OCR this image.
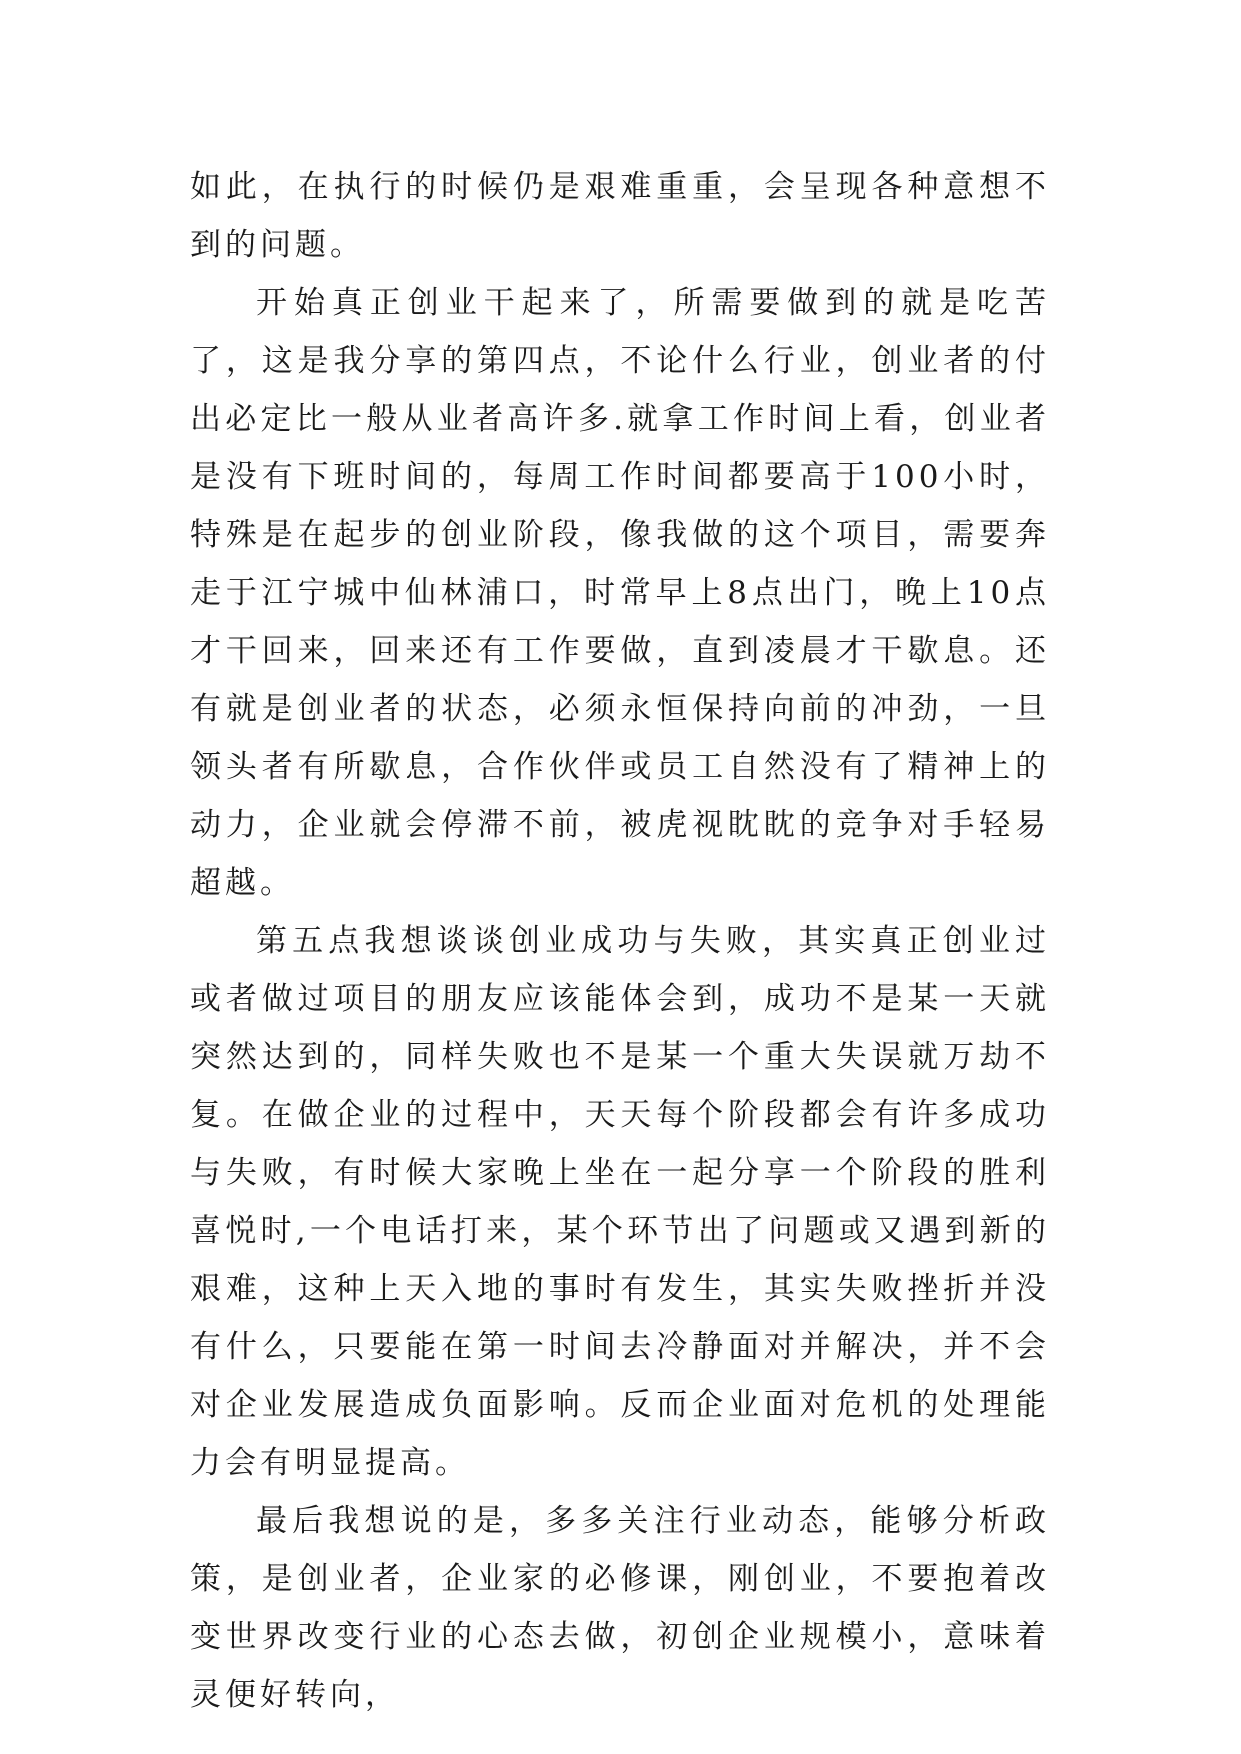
如此，在执行的时候仍是艰难重重，会呈现各种意想不到的问题。

开始真正创业干起来了，所需要做到的就是吃苦了，这是我分享的第四点，不论什么行业，创业者的付出必定比一般从业者高许多.就拿工作时间上看，创业者是没有下班时间的，每周工作时间都要高于100小时，特殊是在起步的创业阶段，像我做的这个项目，需要奔走于江宁城中仙林浦口，时常早上8点出门，晚上10点才干回来，回来还有工作要做，直到凌晨才干歇息。还有就是创业者的状态，必须永恒保持向前的冲劲，一旦领头者有所歇息，合作伙伴或员工自然没有了精神上的动力，企业就会停滞不前，被虎视眈眈的竞争对手轻易超越。

第五点我想谈谈创业成功与失败，其实真正创业过或者做过项目的朋友应该能体会到，成功不是某一天就突然达到的，同样失败也不是某一个重大失误就万劫不复。在做企业的过程中，天天每个阶段都会有许多成功与失败，有时候大家晚上坐在一起分享一个阶段的胜利喜悦时,一个电话打来，某个环节出了问题或又遇到新的艰难，这种上天入地的事时有发生，其实失败挫折并没有什么，只要能在第一时间去冷静面对并解决，并不会对企业发展造成负面影响。反而企业面对危机的处理能力会有明显提高。

最后我想说的是，多多关注行业动态，能够分析政策，是创业者，企业家的必修课，刚创业，不要抱着改变世界改变行业的心态去做，初创企业规模小，意味着灵便好转向，
